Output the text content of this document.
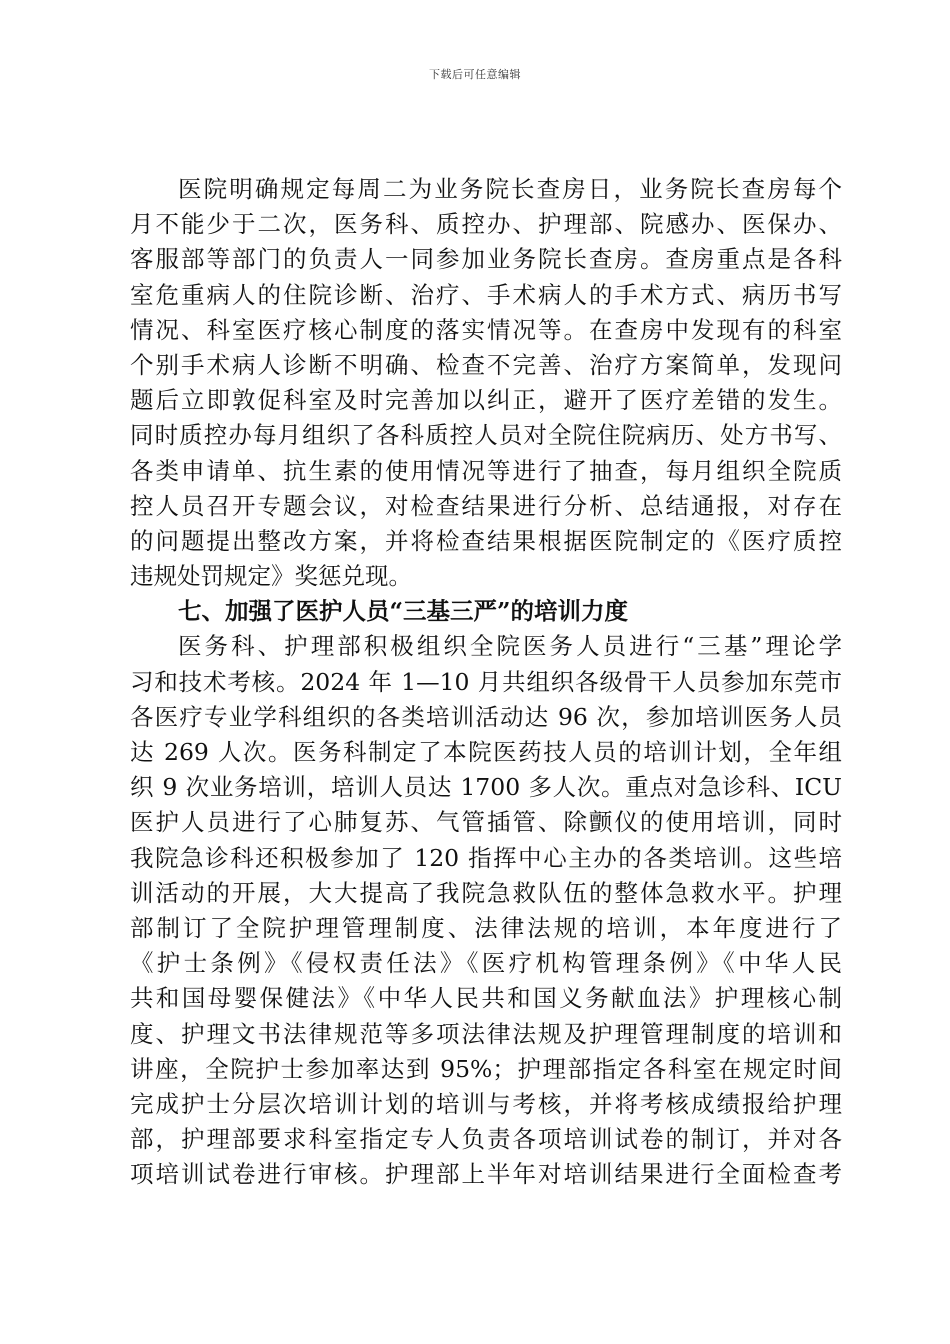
下载后可任意编辑
医院明确规定每周二为业务院长查房日，业务院长查房每个
月不能少于二次，医务科、质控办、护理部、院感办、医保办、
客服部等部门的负责人一同参加业务院长查房。查房重点是各科
室危重病人的住院诊断、治疗、手术病人的手术方式、病历书写
情况、科室医疗核心制度的落实情况等。在查房中发现有的科室
个别手术病人诊断不明确、检查不完善、治疗方案简单，发现问
题后立即敦促科室及时完善加以纠正，避开了医疗差错的发生。
同时质控办每月组织了各科质控人员对全院住院病历、处方书写、
各类申请单、抗生素的使用情况等进行了抽查，每月组织全院质
控人员召开专题会议，对检查结果进行分析、总结通报，对存在
的问题提出整改方案，并将检查结果根据医院制定的《医疗质控
违规处罚规定》奖惩兑现。
七、加强了医护人员“三基三严”的培训力度
医务科、护理部积极组织全院医务人员进行“三基”理论学
习和技术考核。2024 年 1—10 月共组织各级骨干人员参加东莞市
各医疗专业学科组织的各类培训活动达 96 次，参加培训医务人员
达 269 人次。医务科制定了本院医药技人员的培训计划，全年组
织 9 次业务培训，培训人员达 1700 多人次。重点对急诊科、ICU
医护人员进行了心肺复苏、气管插管、除颤仪的使用培训，同时
我院急诊科还积极参加了 120 指挥中心主办的各类培训。这些培
训活动的开展，大大提高了我院急救队伍的整体急救水平。护理
部制订了全院护理管理制度、法律法规的培训，本年度进行了
《护士条例》《侵权责任法》《医疗机构管理条例》《中华人民
共和国母婴保健法》《中华人民共和国义务献血法》护理核心制
度、护理文书法律规范等多项法律法规及护理管理制度的培训和
讲座，全院护士参加率达到 95%；护理部指定各科室在规定时间
完成护士分层次培训计划的培训与考核，并将考核成绩报给护理
部，护理部要求科室指定专人负责各项培训试卷的制订，并对各
项培训试卷进行审核。护理部上半年对培训结果进行全面检查考
